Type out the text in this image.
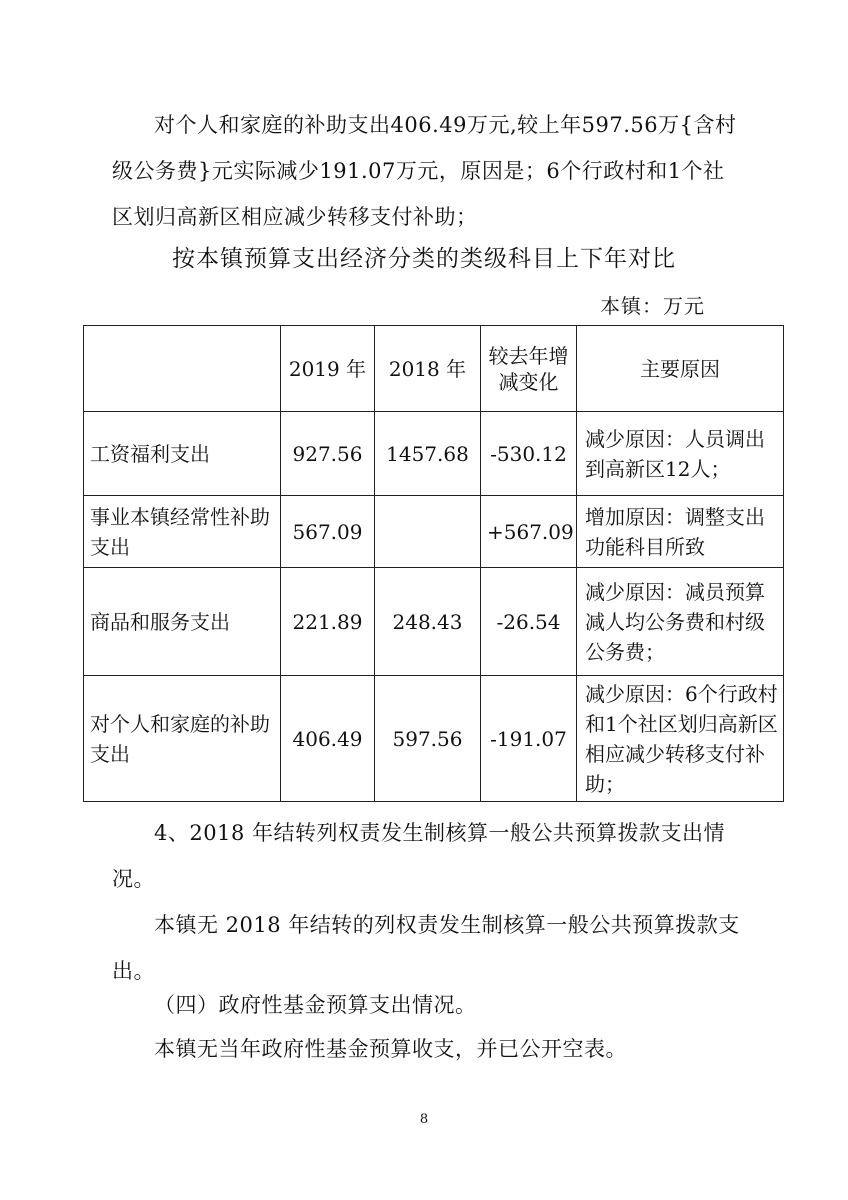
对个人和家庭的补助支出406.49万元,较上年597.56万{含村级公务费}元实际减少191.07万元，原因是；6个行政村和1个社区划归高新区相应减少转移支付补助；

按本镇预算支出经济分类的类级科目上下年对比
本镇：万元
	2019 年	2018 年	较去年增减变化	主要原因
工资福利支出	927.56	1457.68	-530.12	减少原因：人员调出到高新区12人；
事业本镇经常性补助支出	567.09		+567.09	增加原因：调整支出功能科目所致
商品和服务支出	221.89	248.43	-26.54	减少原因：减员预算减人均公务费和村级公务费；
对个人和家庭的补助支出	406.49	597.56	-191.07	减少原因：6个行政村和1个社区划归高新区相应减少转移支付补助；

4、2018 年结转列权责发生制核算一般公共预算拨款支出情况。

本镇无 2018 年结转的列权责发生制核算一般公共预算拨款支出。

（四）政府性基金预算支出情况。

本镇无当年政府性基金预算收支，并已公开空表。

8
